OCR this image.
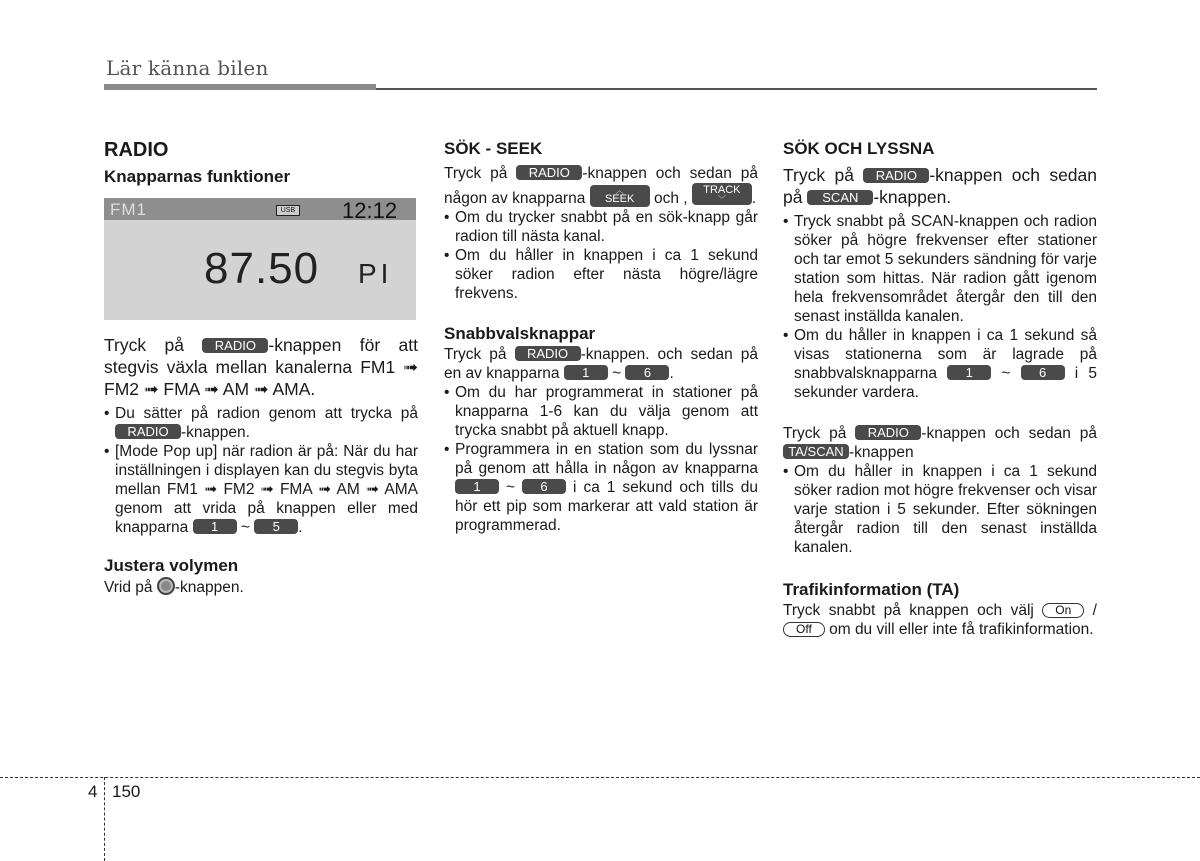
Lär känna bilen
RADIO
Knapparnas funktioner
FM1	USB 12:12
87.50 PI

Tryck på RADIO -knappen för att stegvis växla mellan kanalerna FM1 ➟ FM2 ➟ FMA ➟ AM ➟ AMA.

• Du sätter på radion genom att trycka på RADIO -knappen.
• [Mode Pop up] när radion är på: När du har inställningen i displayen kan du stegvis byta mellan FM1 ➟ FM2 ➟ FMA ➟ AM ➟ AMA genom att vrida på knappen eller med knapparna 1 ~ 5 .
Justera volymen

Vrid på -knappen.

SÖK - SEEK

Tryck på RADIO -knappen och sedan på någon av knapparna	︿
SEEK och , TRACK
﹀	.

• Om du trycker snabbt på en sök-knapp går radion till nästa kanal.
• Om du håller in knappen i ca 1 sekund söker radion efter nästa högre/lägre frekvens.
Snabbvalsknappar

Tryck på RADIO -knappen. och sedan på en av knapparna 1 ~ 6 .

• Om du har programmerat in stationer på knapparna 1-6 kan du välja genom att trycka snabbt på aktuell knapp.
• Programmera in en station som du lyssnar på genom att hålla in någon av knapparna 1 ~ 6 i ca 1 sekund och tills du hör ett pip som markerar att vald station är programmerad.
SÖK OCH LYSSNA

Tryck på RADIO -knappen och sedan på SCAN -knappen.

• Tryck snabbt på SCAN-knappen och radion söker på högre frekvenser efter stationer och tar emot 5 sekunders sändning för varje station som hittas. När radion gått igenom hela frekvensområdet återgår den till den senast inställda kanalen.
• Om du håller in knappen i ca 1 sekund så visas stationerna som är lagrade på snabbvalsknapparna 1 ~ 6 i 5 sekunder vardera.

Tryck på RADIO -knappen och sedan på TA/SCAN -knappen

• Om du håller in knappen i ca 1 sekund söker radion mot högre frekvenser och visar varje station i 5 sekunder. Efter sökningen återgår radion till den senast inställda kanalen.
Trafikinformation (TA)

Tryck snabbt på knappen och välj On /Off om du vill eller inte få trafikinformation.

4 150
